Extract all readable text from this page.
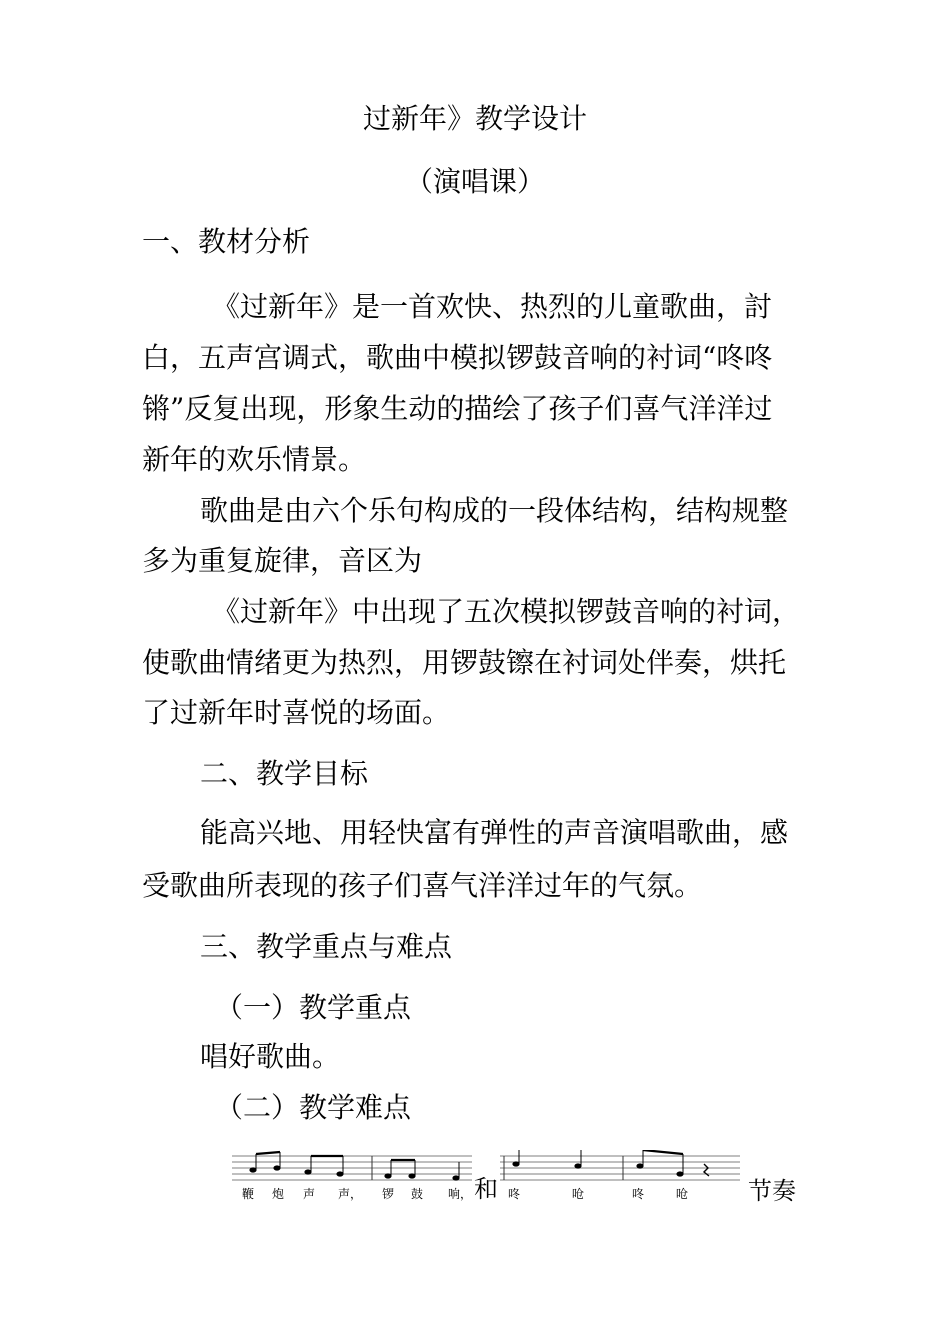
过新年》教学设计
（演唱课）
一、教材分析
《过新年》是一首欢快、热烈的儿童歌曲，討
白，五声宫调式，歌曲中模拟锣鼓音响的衬词“咚咚
锵”反复出现，形象生动的描绘了孩子们喜气洋洋过
新年的欢乐情景。
歌曲是由六个乐句构成的一段体结构，结构规整
多为重复旋律，音区为
《过新年》中出现了五次模拟锣鼓音响的衬词，
使歌曲情绪更为热烈，用锣鼓镲在衬词处伴奏，烘托
了过新年时喜悦的场面。
二、教学目标
能高兴地、用轻快富有弹性的声音演唱歌曲，感
受歌曲所表现的孩子们喜气洋洋过年的气氛。
三、教学重点与难点
（一）教学重点
唱好歌曲。
（二）教学难点
鞭 炮 声 声， 锣 鼓 响， 和 咚	呛	咚	呛 节奏
